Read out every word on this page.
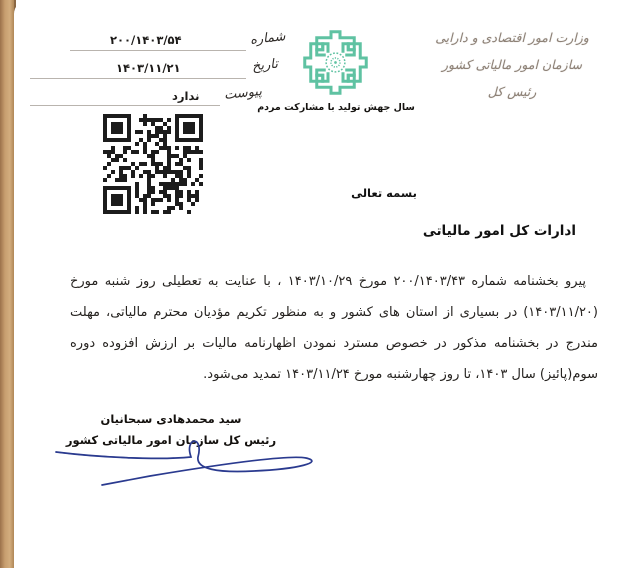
وزارت امور اقتصادی و دارایی
سازمان امور مالیاتی کشور
رئیس کل
سال جهش تولید با مشارکت مردم
شماره
۲۰۰/۱۴۰۳/۵۴
تاریخ
۱۴۰۳/۱۱/۲۱
پیوست
ندارد
بسمه تعالی
ادارات کل امور مالیاتی
پیرو بخشنامه شماره ۲۰۰/۱۴۰۳/۴۳ مورخ ۱۴۰۳/۱۰/۲۹ ، با عنایت به تعطیلی روز شنبه مورخ (۱۴۰۳/۱۱/۲۰) در بسیاری از استان های کشور و به منظور تکریم مؤدیان محترم مالیاتی، مهلت مندرج در بخشنامه مذکور در خصوص مسترد نمودن اظهارنامه مالیات بر ارزش افزوده دوره سوم(پائیز) سال ۱۴۰۳، تا روز چهارشنبه مورخ ۱۴۰۳/۱۱/۲۴ تمدید می‌شود.
سید محمدهادی سبحانیان
رئیس کل سازمان امور مالیاتی کشور
